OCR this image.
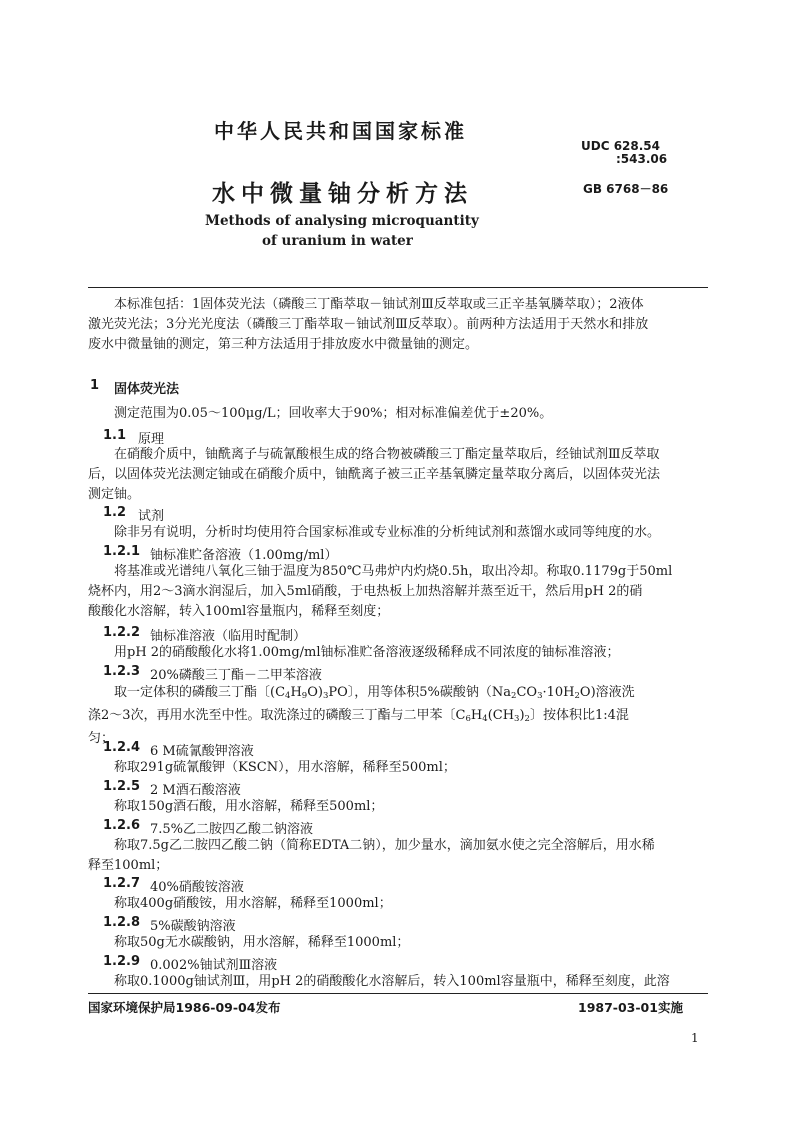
中华人民共和国国家标准
UDC 628.54
:543.06
水中微量铀分析方法	GB 6768－86
Methods of analysing microquantity
of uranium in water
本标准包括：1固体荧光法（磷酸三丁酯萃取－铀试剂Ⅲ反萃取或三正辛基氧膦萃取）；2液体
激光荧光法；3分光光度法（磷酸三丁酯萃取－铀试剂Ⅲ反萃取）。前两种方法适用于天然水和排放
废水中微量铀的测定，第三种方法适用于排放废水中微量铀的测定。
1 固体荧光法
测定范围为0.05～100μg/L；回收率大于90%；相对标准偏差优于±20%。
1.1 原理
在硝酸介质中，铀酰离子与硫氰酸根生成的络合物被磷酸三丁酯定量萃取后，经铀试剂Ⅲ反萃取
后，以固体荧光法测定铀或在硝酸介质中，铀酰离子被三正辛基氧膦定量萃取分离后，以固体荧光法
测定铀。
1.2 试剂
除非另有说明，分析时均使用符合国家标准或专业标准的分析纯试剂和蒸馏水或同等纯度的水。
1.2.1 铀标准贮备溶液（1.00mg/ml）
将基准或光谱纯八氧化三铀于温度为850℃马弗炉内灼烧0.5h，取出冷却。称取0.1179g于50ml
烧杯内，用2～3滴水润湿后，加入5ml硝酸，于电热板上加热溶解并蒸至近干，然后用pH 2的硝
酸酸化水溶解，转入100ml容量瓶内，稀释至刻度；
1.2.2 铀标准溶液（临用时配制）
用pH 2的硝酸酸化水将1.00mg/ml铀标准贮备溶液逐级稀释成不同浓度的铀标准溶液；
1.2.3 20%磷酸三丁酯－二甲苯溶液
取一定体积的磷酸三丁酯〔$(C_4H_9O)_3PO$〕，用等体积5%碳酸钠$(Na_2CO_3\cdot 10H_2O)$溶液洗
涤2～3次，再用水洗至中性。取洗涤过的磷酸三丁酯与二甲苯〔$C_6H_4(CH_3)_2$〕按体积比1:4混
匀；
1.2.4 6 M硫氰酸钾溶液
称取291g硫氰酸钾（KSCN），用水溶解，稀释至500ml；
1.2.5 2 M酒石酸溶液
称取150g酒石酸，用水溶解，稀释至500ml；
1.2.6 7.5%乙二胺四乙酸二钠溶液
称取7.5g乙二胺四乙酸二钠（简称EDTA二钠），加少量水，滴加氨水使之完全溶解后，用水稀
释至100ml；
1.2.7 40%硝酸铵溶液
称取400g硝酸铵，用水溶解，稀释至1000ml；
1.2.8 5%碳酸钠溶液
称取50g无水碳酸钠，用水溶解，稀释至1000ml；
1.2.9 0.002%铀试剂Ⅲ溶液
称取0.1000g铀试剂Ⅲ，用pH 2的硝酸酸化水溶解后，转入100ml容量瓶中，稀释至刻度，此溶
国家环境保护局1986-09-04发布	1987-03-01实施
1
